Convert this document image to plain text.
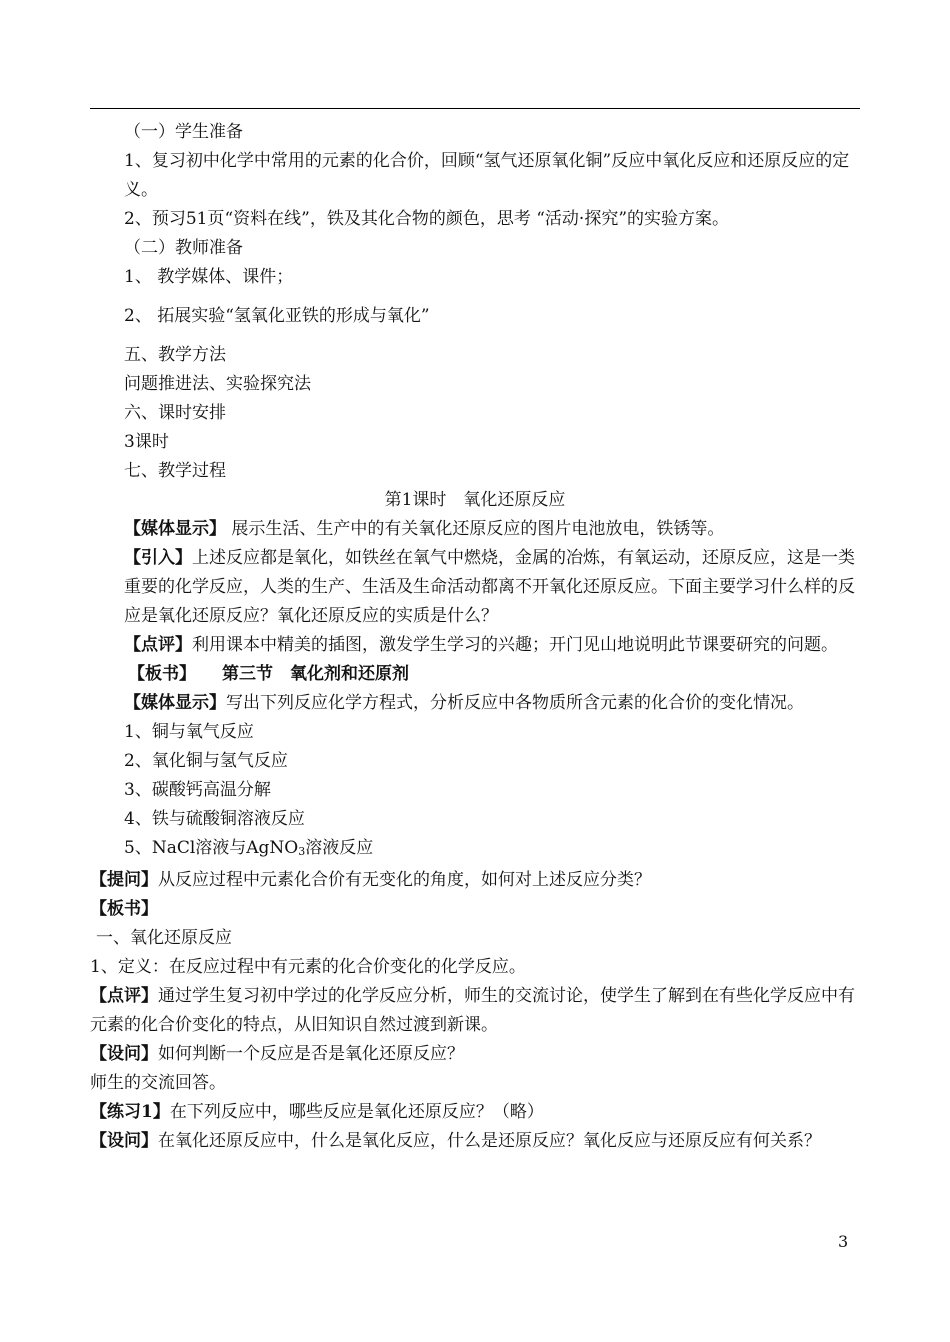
（一）学生准备
1、复习初中化学中常用的元素的化合价，回顾“氢气还原氧化铜”反应中氧化反应和还原反应的定义。
2、预习51页“资料在线”，铁及其化合物的颜色，思考 “活动·探究”的实验方案。
（二）教师准备
1、 教学媒体、课件；
2、 拓展实验“氢氧化亚铁的形成与氧化”
五、教学方法
问题推进法、实验探究法
六、课时安排
3课时
七、教学过程
第1课时　氧化还原反应
【媒体显示】 展示生活、生产中的有关氧化还原反应的图片电池放电，铁锈等。
【引入】上述反应都是氧化，如铁丝在氧气中燃烧，金属的冶炼，有氧运动，还原反应，这是一类重要的化学反应，人类的生产、生活及生命活动都离不开氧化还原反应。下面主要学习什么样的反应是氧化还原反应？氧化还原反应的实质是什么？
【点评】利用课本中精美的插图，激发学生学习的兴趣；开门见山地说明此节课要研究的问题。
【板书】 第三节　氧化剂和还原剂
【媒体显示】写出下列反应化学方程式，分析反应中各物质所含元素的化合价的变化情况。
1、铜与氧气反应
2、氧化铜与氢气反应
3、碳酸钙高温分解
4、铁与硫酸铜溶液反应
5、NaCl溶液与AgNO3溶液反应
【提问】从反应过程中元素化合价有无变化的角度，如何对上述反应分类？
【板书】
一、氧化还原反应
1、定义：在反应过程中有元素的化合价变化的化学反应。
【点评】通过学生复习初中学过的化学反应分析，师生的交流讨论，使学生了解到在有些化学反应中有元素的化合价变化的特点，从旧知识自然过渡到新课。
【设问】如何判断一个反应是否是氧化还原反应？
师生的交流回答。
【练习1】在下列反应中，哪些反应是氧化还原反应？（略）
【设问】在氧化还原反应中，什么是氧化反应，什么是还原反应？氧化反应与还原反应有何关系？
3
